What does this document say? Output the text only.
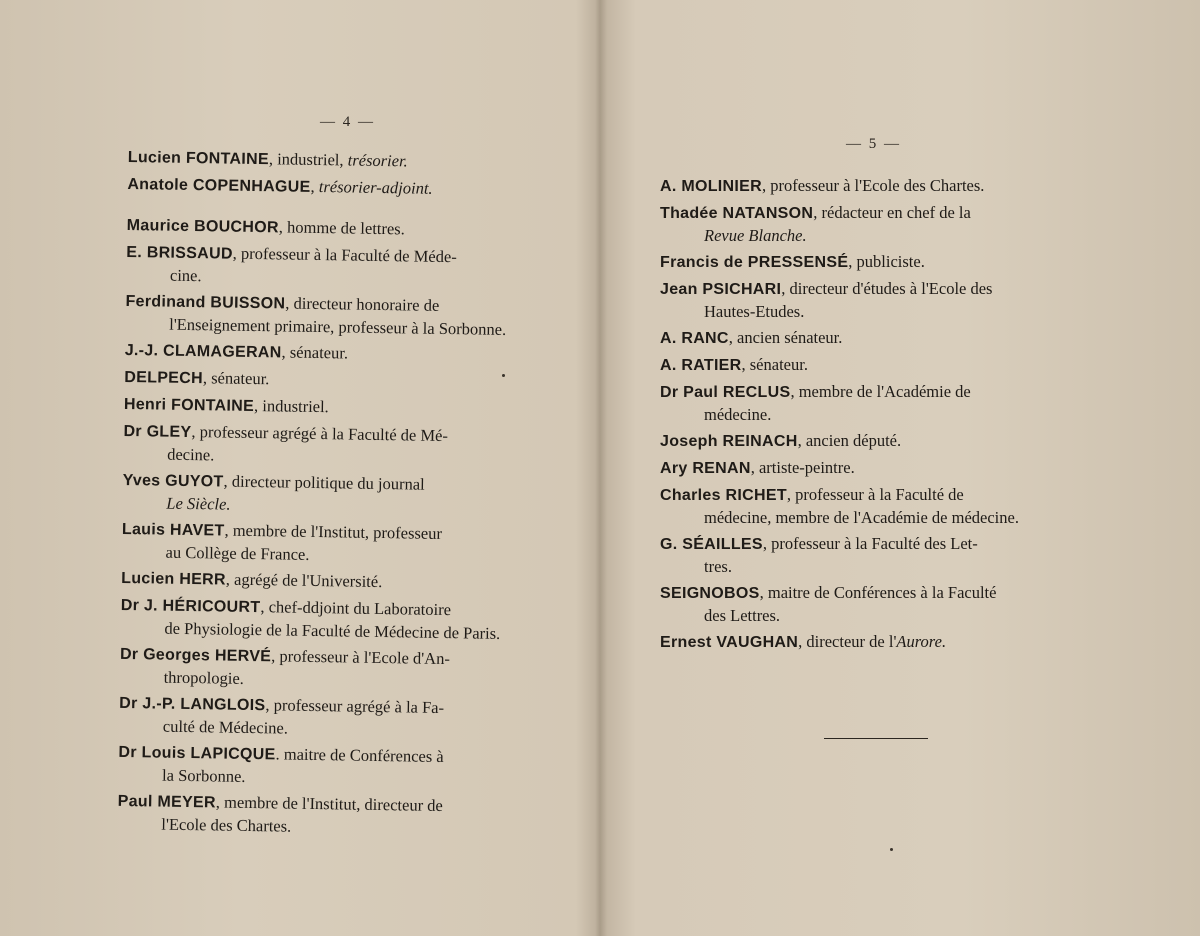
— 4 —
Lucien FONTAINE, industriel, trésorier.
Anatole COPENHAGUE, trésorier-adjoint.
Maurice BOUCHOR, homme de lettres.
E. BRISSAUD, professeur à la Faculté de Méde-
cine.
Ferdinand BUISSON, directeur honoraire de
l'Enseignement primaire, professeur à la Sorbonne.
J.-J. CLAMAGERAN, sénateur.
DELPECH, sénateur.
Henri FONTAINE, industriel.
Dr GLEY, professeur agrégé à la Faculté de Mé-
decine.
Yves GUYOT, directeur politique du journal
Le Siècle.
Lauis HAVET, membre de l'Institut, professeur
au Collège de France.
Lucien HERR, agrégé de l'Université.
Dr J. HÉRICOURT, chef-ddjoint du Laboratoire
de Physiologie de la Faculté de Médecine de Paris.
Dr Georges HERVÉ, professeur à l'Ecole d'An-
thropologie.
Dr J.-P. LANGLOIS, professeur agrégé à la Fa-
culté de Médecine.
Dr Louis LAPICQUE. maitre de Conférences à
la Sorbonne.
Paul MEYER, membre de l'Institut, directeur de
l'Ecole des Chartes.
— 5 —
A. MOLINIER, professeur à l'Ecole des Chartes.
Thadée NATANSON, rédacteur en chef de la
Revue Blanche.
Francis de PRESSENSÉ, publiciste.
Jean PSICHARI, directeur d'études à l'Ecole des
Hautes-Etudes.
A. RANC, ancien sénateur.
A. RATIER, sénateur.
Dr Paul RECLUS, membre de l'Académie de
médecine.
Joseph REINACH, ancien député.
Ary RENAN, artiste-peintre.
Charles RICHET, professeur à la Faculté de
médecine, membre de l'Académie de médecine.
G. SÉAILLES, professeur à la Faculté des Let-
tres.
SEIGNOBOS, maitre de Conférences à la Faculté
des Lettres.
Ernest VAUGHAN, directeur de l'Aurore.
